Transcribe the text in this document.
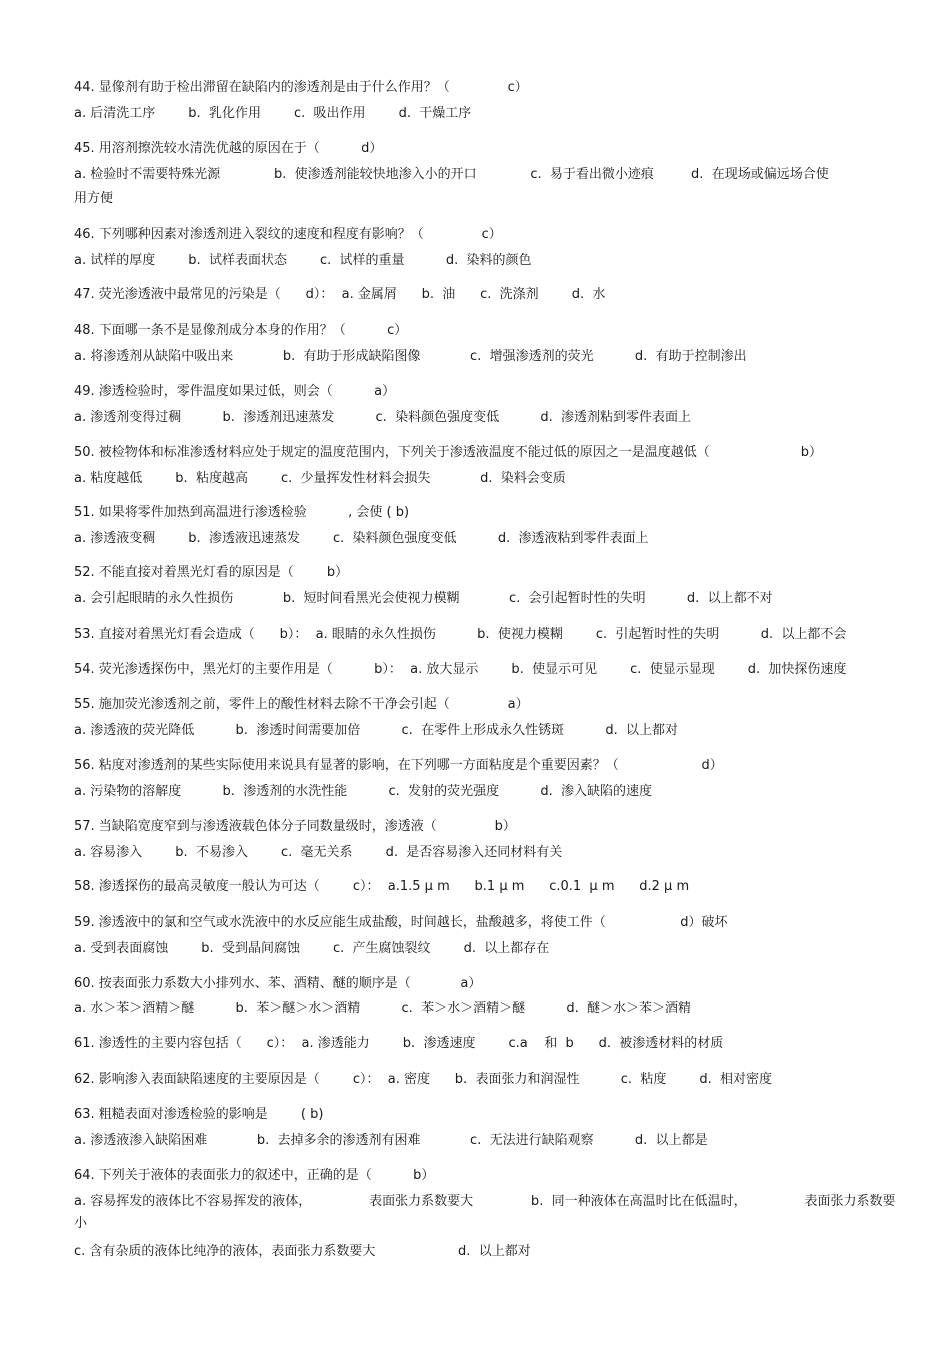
44. 显像剂有助于检出滞留在缺陷内的渗透剂是由于什么作用？（              c）
a. 后清洗工序        b.  乳化作用        c.  吸出作用        d.  干燥工序
45. 用溶剂擦洗较水清洗优越的原因在于（          d）
a. 检验时不需要特殊光源             b.  使渗透剂能较快地渗入小的开口             c.  易于看出微小迹痕         d.  在现场或偏远场合使
用方便
46. 下列哪种因素对渗透剂进入裂纹的速度和程度有影响？（              c）
a. 试样的厚度        b.  试样表面状态        c.  试样的重量          d.  染料的颜色
47. 荧光渗透液中最常见的污染是（      d）：  a. 金属屑      b.  油      c.  洗涤剂        d.  水
48. 下面哪一条不是显像剂成分本身的作用？（          c）
a. 将渗透剂从缺陷中吸出来            b.  有助于形成缺陷图像            c.  增强渗透剂的荧光          d.  有助于控制渗出
49. 渗透检验时，零件温度如果过低，则会（          a）
a. 渗透剂变得过稠          b.  渗透剂迅速蒸发          c.  染料颜色强度变低          d.  渗透剂粘到零件表面上
50. 被检物体和标准渗透材料应处于规定的温度范围内，下列关于渗透液温度不能过低的原因之一是温度越低（                      b）
a. 粘度越低        b.  粘度越高        c.  少量挥发性材料会损失            d.  染料会变质
51. 如果将零件加热到高温进行渗透检验          , 会使 ( b)
a. 渗透液变稠        b.  渗透液迅速蒸发        c.  染料颜色强度变低          d.  渗透液粘到零件表面上
52. 不能直接对着黑光灯看的原因是（        b）
a. 会引起眼睛的永久性损伤            b.  短时间看黑光会使视力模糊            c.  会引起暂时性的失明          d.  以上都不对
53. 直接对着黑光灯看会造成（      b）：  a. 眼睛的永久性损伤          b.  使视力模糊        c.  引起暂时性的失明          d.  以上都不会
54. 荧光渗透探伤中，黑光灯的主要作用是（          b）：  a. 放大显示        b.  使显示可见        c.  使显示显现        d.  加快探伤速度
55. 施加荧光渗透剂之前，零件上的酸性材料去除不干净会引起（              a）
a. 渗透液的荧光降低          b.  渗透时间需要加倍          c.  在零件上形成永久性锈斑          d.  以上都对
56. 粘度对渗透剂的某些实际使用来说具有显著的影响，在下列哪一方面粘度是个重要因素？（                    d）
a. 污染物的溶解度          b.  渗透剂的水洗性能          c.  发射的荧光强度          d.  渗入缺陷的速度
57. 当缺陷宽度窄到与渗透液载色体分子同数量级时，渗透液（              b）
a. 容易渗入        b.  不易渗入        c.  毫无关系        d.  是否容易渗入还同材料有关
58. 渗透探伤的最高灵敏度一般认为可达（        c）：  a.1.5 μ m      b.1 μ m      c.0.1  μ m      d.2 μ m
59. 渗透液中的氯和空气或水洗液中的水反应能生成盐酸，时间越长，盐酸越多，将使工件（                  d）破坏
a. 受到表面腐蚀        b.  受到晶间腐蚀        c.  产生腐蚀裂纹        d.  以上都存在
60. 按表面张力系数大小排列水、苯、酒精、醚的顺序是（            a）
a. 水＞苯＞酒精＞醚          b.  苯＞醚＞水＞酒精          c.  苯＞水＞酒精＞醚          d.  醚＞水＞苯＞酒精
61. 渗透性的主要内容包括（      c）：  a. 渗透能力        b.  渗透速度        c.a    和  b      d.  被渗透材料的材质
62. 影响渗入表面缺陷速度的主要原因是（        c）：  a. 密度      b.  表面张力和润湿性          c.  粘度        d.  相对密度
63. 粗糙表面对渗透检验的影响是        ( b)
a. 渗透液渗入缺陷困难            b.  去掉多余的渗透剂有困难            c.  无法进行缺陷观察          d.  以上都是
64. 下列关于液体的表面张力的叙述中，正确的是（          b）
a. 容易挥发的液体比不容易挥发的液体，              表面张力系数要大              b.  同一种液体在高温时比在低温时，              表面张力系数要
小
c. 含有杂质的液体比纯净的液体，表面张力系数要大                    d.  以上都对
